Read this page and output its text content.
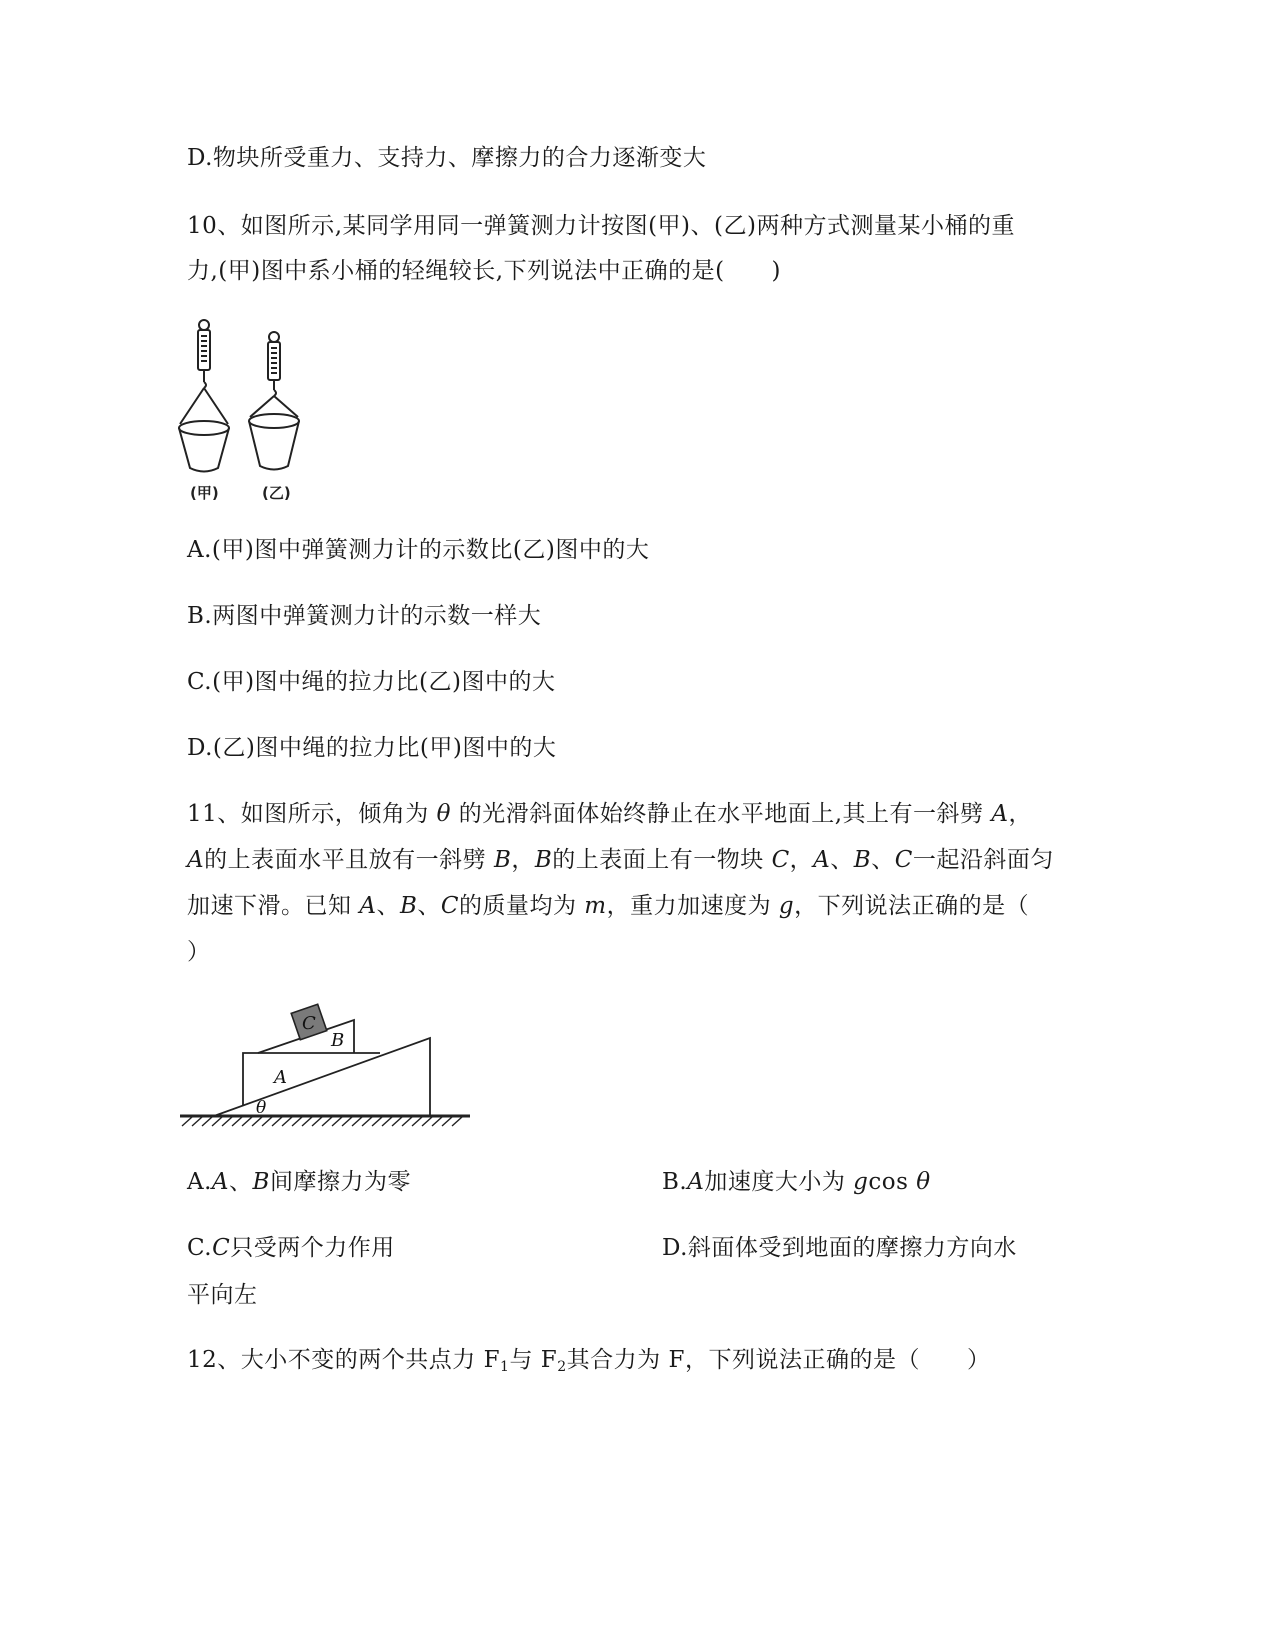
D.物块所受重力、支持力、摩擦力的合力逐渐变大
10、如图所示,某同学用同一弹簧测力计按图(甲)、(乙)两种方式测量某小桶的重
力,(甲)图中系小桶的轻绳较长,下列说法中正确的是(　　)
(甲)	(乙)
A.(甲)图中弹簧测力计的示数比(乙)图中的大
B.两图中弹簧测力计的示数一样大
C.(甲)图中绳的拉力比(乙)图中的大
D.(乙)图中绳的拉力比(甲)图中的大
11、如图所示，倾角为 θ 的光滑斜面体始终静止在水平地面上,其上有一斜劈 A，
A的上表面水平且放有一斜劈 B，B的上表面上有一物块 C，A、B、C一起沿斜面匀
加速下滑。已知 A、B、C的质量均为 m，重力加速度为 g，下列说法正确的是（
）
C
B
A
θ
A.A、B间摩擦力为零	B.A加速度大小为 gcos θ
C.C只受两个力作用	D.斜面体受到地面的摩擦力方向水
平向左
12、大小不变的两个共点力 $F_1$与 $F_2$其合力为 F，下列说法正确的是（　　）
